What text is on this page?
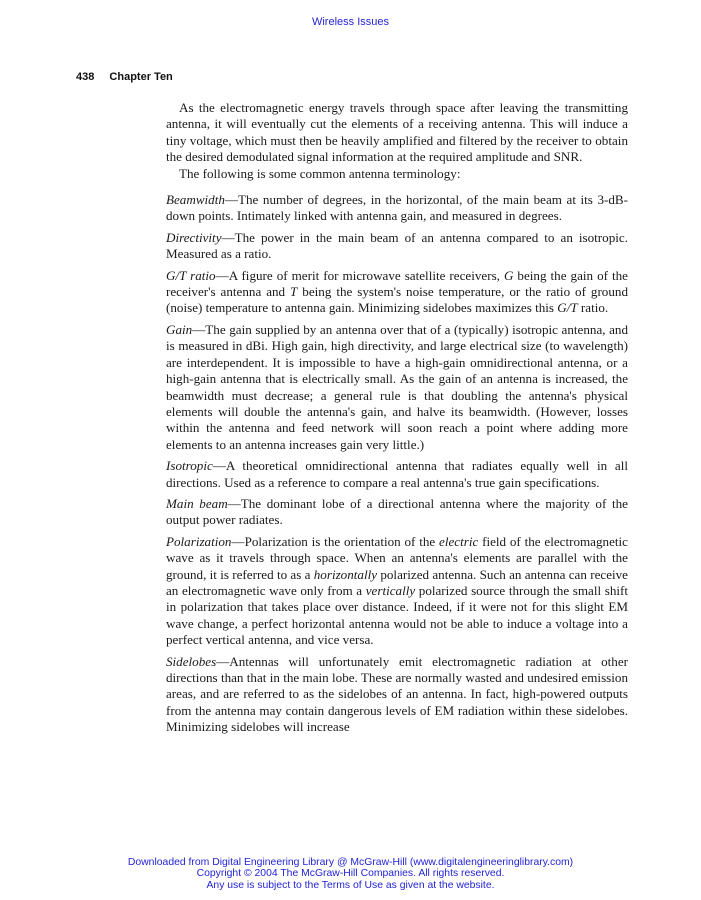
Wireless Issues
438 Chapter Ten

As the electromagnetic energy travels through space after leaving the transmitting antenna, it will eventually cut the elements of a receiving antenna. This will induce a tiny voltage, which must then be heavily amplified and filtered by the receiver to obtain the desired demodulated signal information at the required amplitude and SNR.

The following is some common antenna terminology:

Beamwidth—The number of degrees, in the horizontal, of the main beam at its 3-dB-down points. Intimately linked with antenna gain, and measured in degrees.

Directivity—The power in the main beam of an antenna compared to an isotropic. Measured as a ratio.

G/T ratio—A figure of merit for microwave satellite receivers, G being the gain of the receiver's antenna and T being the system's noise temperature, or the ratio of ground (noise) temperature to antenna gain. Minimizing sidelobes maximizes this G/T ratio.

Gain—The gain supplied by an antenna over that of a (typically) isotropic antenna, and is measured in dBi. High gain, high directivity, and large electrical size (to wavelength) are interdependent. It is impossible to have a high-gain omnidirectional antenna, or a high-gain antenna that is electrically small. As the gain of an antenna is increased, the beamwidth must decrease; a general rule is that doubling the antenna's physical elements will double the antenna's gain, and halve its beamwidth. (However, losses within the antenna and feed network will soon reach a point where adding more elements to an antenna increases gain very little.)

Isotropic—A theoretical omnidirectional antenna that radiates equally well in all directions. Used as a reference to compare a real antenna's true gain specifications.

Main beam—The dominant lobe of a directional antenna where the majority of the output power radiates.

Polarization—Polarization is the orientation of the electric field of the electromagnetic wave as it travels through space. When an antenna's elements are parallel with the ground, it is referred to as a horizontally polarized antenna. Such an antenna can receive an electromagnetic wave only from a vertically polarized source through the small shift in polarization that takes place over distance. Indeed, if it were not for this slight EM wave change, a perfect horizontal antenna would not be able to induce a voltage into a perfect vertical antenna, and vice versa.

Sidelobes—Antennas will unfortunately emit electromagnetic radiation at other directions than that in the main lobe. These are normally wasted and undesired emission areas, and are referred to as the sidelobes of an antenna. In fact, high-powered outputs from the antenna may contain dangerous levels of EM radiation within these sidelobes. Minimizing sidelobes will increase

Downloaded from Digital Engineering Library @ McGraw-Hill (www.digitalengineeringlibrary.com)
Copyright © 2004 The McGraw-Hill Companies. All rights reserved.
Any use is subject to the Terms of Use as given at the website.
